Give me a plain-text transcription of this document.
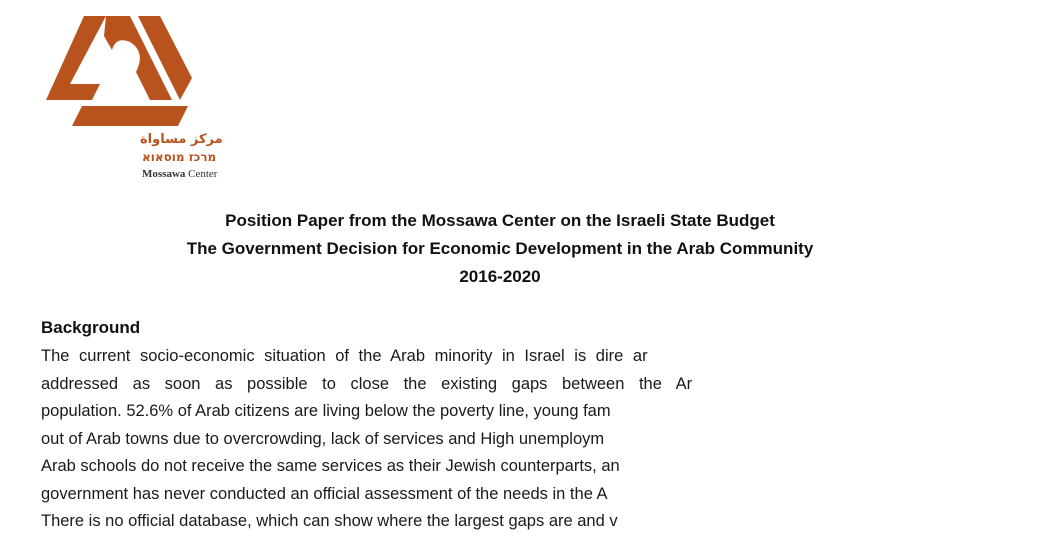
مركز مساواة
מרכז מוסאוא
Mossawa Center
Position Paper from the Mossawa Center on the Israeli State Budget
The Government Decision for Economic Development in the Arab Community
2016-2020
Background
The current socio-economic situation of the Arab minority in Israel is dire ar
addressed as soon as possible to close the existing gaps between the Ar
population. 52.6% of Arab citizens are living below the poverty line, young fam
out of Arab towns due to overcrowding, lack of services and High unemploym
Arab schools do not receive the same services as their Jewish counterparts, an
government has never conducted an official assessment of the needs in the A
There is no official database, which can show where the largest gaps are and v
